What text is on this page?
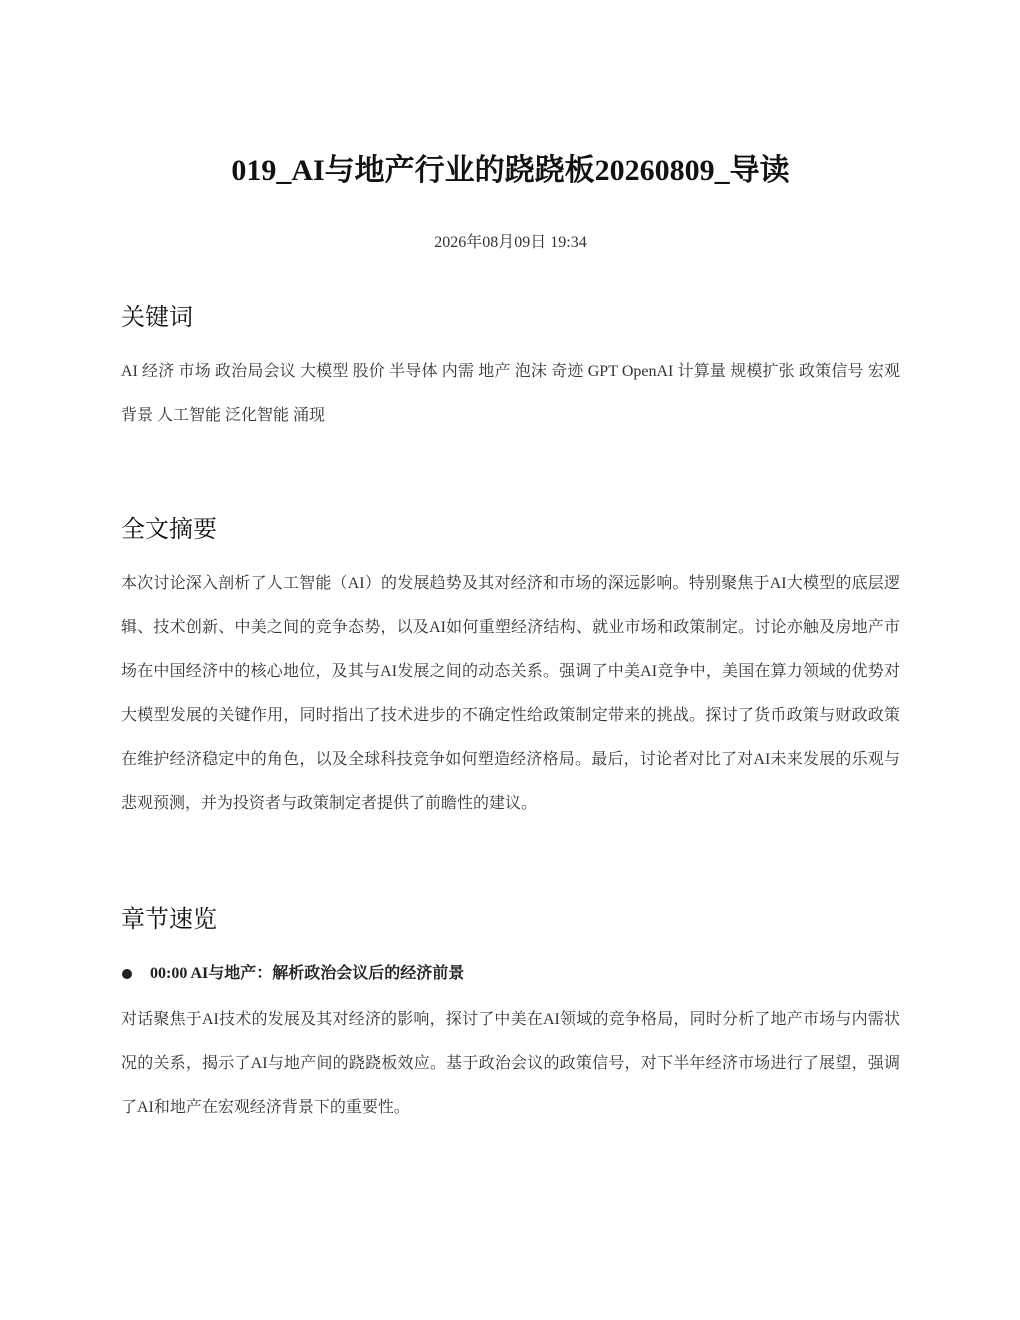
019_AI与地产行业的跷跷板20260809_导读
2026年08月09日 19:34
关键词

AI 经济 市场 政治局会议 大模型 股价 半导体 内需 地产 泡沫 奇迹 GPT OpenAI 计算量 规模扩张 政策信号 宏观背景 人工智能 泛化智能 涌现

全文摘要

本次讨论深入剖析了人工智能（AI）的发展趋势及其对经济和市场的深远影响。特别聚焦于AI大模型的底层逻辑、技术创新、中美之间的竞争态势，以及AI如何重塑经济结构、就业市场和政策制定。讨论亦触及房地产市场在中国经济中的核心地位，及其与AI发展之间的动态关系。强调了中美AI竞争中，美国在算力领域的优势对大模型发展的关键作用，同时指出了技术进步的不确定性给政策制定带来的挑战。探讨了货币政策与财政政策在维护经济稳定中的角色，以及全球科技竞争如何塑造经济格局。最后，讨论者对比了对AI未来发展的乐观与悲观预测，并为投资者与政策制定者提供了前瞻性的建议。

章节速览
00:00 AI与地产：解析政治会议后的经济前景

对话聚焦于AI技术的发展及其对经济的影响，探讨了中美在AI领域的竞争格局，同时分析了地产市场与内需状况的关系，揭示了AI与地产间的跷跷板效应。基于政治会议的政策信号，对下半年经济市场进行了展望，强调了AI和地产在宏观经济背景下的重要性。
